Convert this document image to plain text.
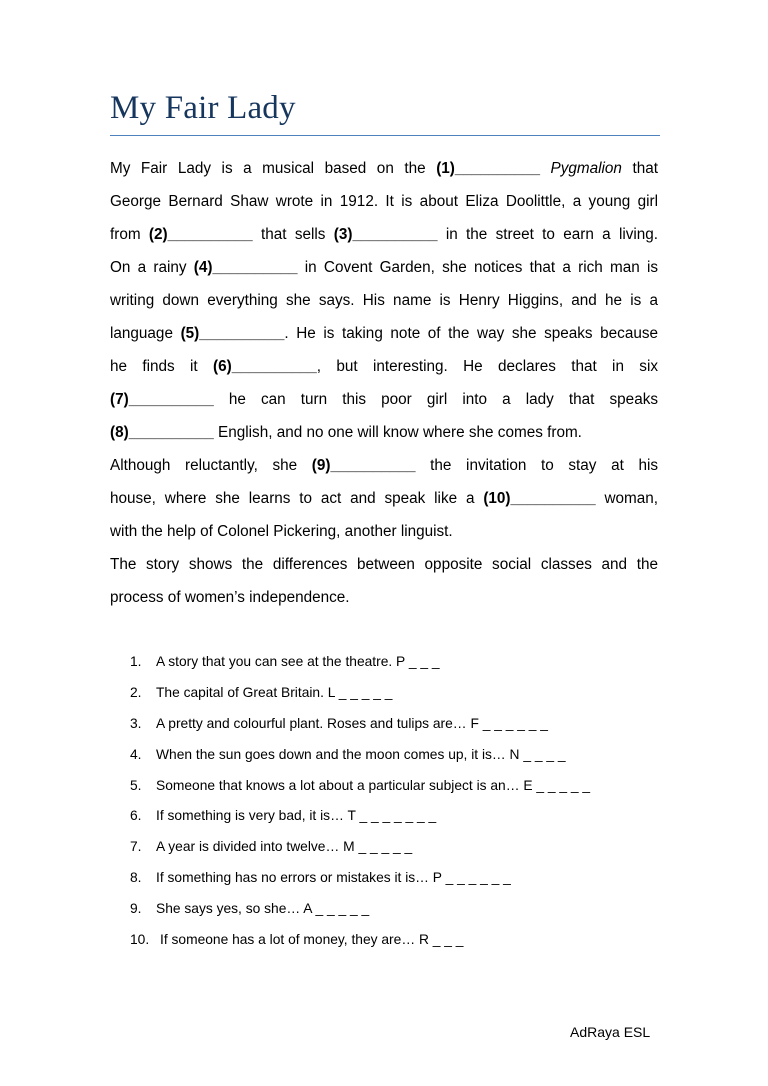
My Fair Lady
My Fair Lady is a musical based on the (1)__________ Pygmalion that
George Bernard Shaw wrote in 1912. It is about Eliza Doolittle, a young girl
from (2)__________ that sells (3)__________ in the street to earn a living.
On a rainy (4)__________ in Covent Garden, she notices that a rich man is
writing down everything she says. His name is Henry Higgins, and he is a
language (5)__________. He is taking note of the way she speaks because
he finds it (6)__________, but interesting. He declares that in six
(7)__________ he can turn this poor girl into a lady that speaks
(8)__________ English, and no one will know where she comes from.
Although reluctantly, she (9)__________ the invitation to stay at his
house, where she learns to act and speak like a (10)__________ woman,
with the help of Colonel Pickering, another linguist.
The story shows the differences between opposite social classes and the
process of women’s independence.
1. A story that you can see at the theatre. P _ _ _
2. The capital of Great Britain. L _ _ _ _ _
3. A pretty and colourful plant. Roses and tulips are… F _ _ _ _ _ _
4. When the sun goes down and the moon comes up, it is… N _ _ _ _
5. Someone that knows a lot about a particular subject is an… E _ _ _ _ _
6. If something is very bad, it is… T _ _ _ _ _ _ _
7. A year is divided into twelve… M _ _ _ _ _
8. If something has no errors or mistakes it is… P _ _ _ _ _ _
9. She says yes, so she… A _ _ _ _ _
10. If someone has a lot of money, they are… R _ _ _
AdRaya ESL
